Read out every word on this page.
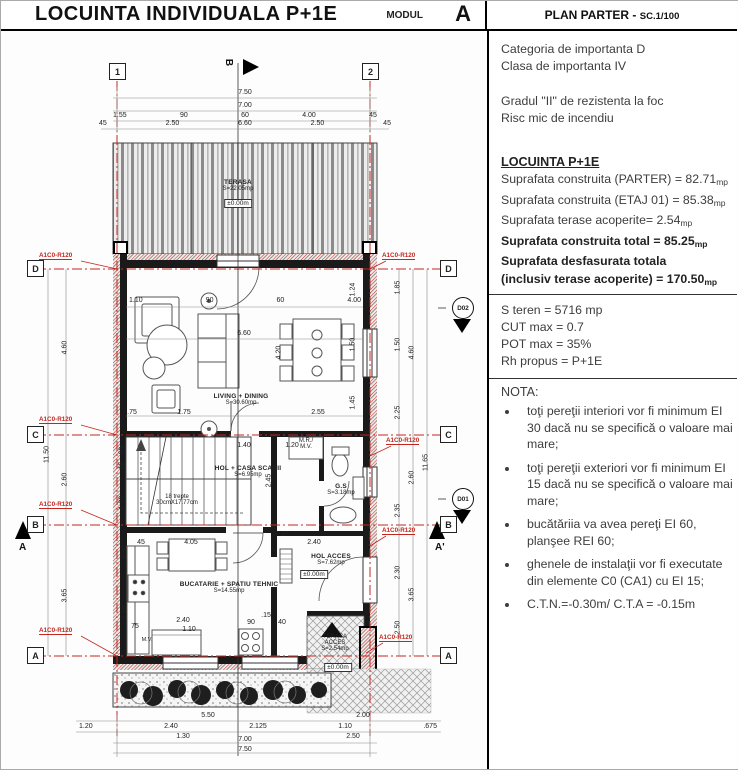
LOCUINTA INDIVIDUALA P+1E	MODUL A	PLAN PARTER - SC.1/100
Categoria de importanta D
Clasa de importanta IV
Gradul "II" de rezistenta la foc
Risc mic de incendiu
LOCUINTA P+1E
Suprafata construita (PARTER) = 82.71mp
Suprafata construita (ETAJ 01) = 85.38mp
Suprafata terase acoperite= 2.54mp
Suprafata construita total = 85.25mp
Suprafata desfasurata totala
(inclusiv terase acoperite) = 170.50mp
S teren = 5716 mp
CUT max = 0.7
POT max = 35%
Rh propus = P+1E
NOTA:
• toţi pereţii interiori vor fi minimum EI 30 dacă nu se specifică o valoare mai mare;
• toţi pereţii exteriori vor fi minimum EI 15 dacă nu se specifică o valoare mai mare;
• bucătăriia va avea pereţi EI 60, planşee REI 60;
• ghenele de instalaţii vor fi executate din elemente C0 (CA1) cu EI 15;
• C.T.N.=-0.30m/ C.T.A = -0.15m
1	2
D
C
B
A
D
C
B
A
D02
D01
B
A	A'
A1C0-R120
A1C0-R120
A1C0-R120
A1C0-R120
A1C0-R120
A1C0-R120
A1C0-R120
A1C0-R120
TERASA
S=22.05mp
±0.00m
LIVING + DINING
S=30.60mp
HOL + CASA SCARII
S=6.95mp
18 trepte
30cmX17.77cm
M.R./
M.V.
G.S
S=3.18mp
BUCATARIE + SPATIU TEHNIC
S=14.55mp
HOL ACCES
S=7.62mp
±0.00m
TERASA
ACCES
S=2.54mp
±0.00m
M.V.
7.50
7.00
1.55	90	60	4.00	45
45	2.50	6.60	2.50	45
1.10	90	60	4.00
6.60
4.20
1.24
1.50
1.45
.75	1.75	2.55
1.40	1.20
60
15
1.20
2.45
4.05
15
2.40
2.40
1.10
90
.15
40
1.00
45
2.10
75
4.60
2.60
3.65
11.50
1.85
1.50
2.25
2.35
2.30
2.50
4.60
2.60
3.65
11.65
5.50	2.00
1.20	2.40	2.125	1.10	.675
1.30	2.50
7.00
7.50
